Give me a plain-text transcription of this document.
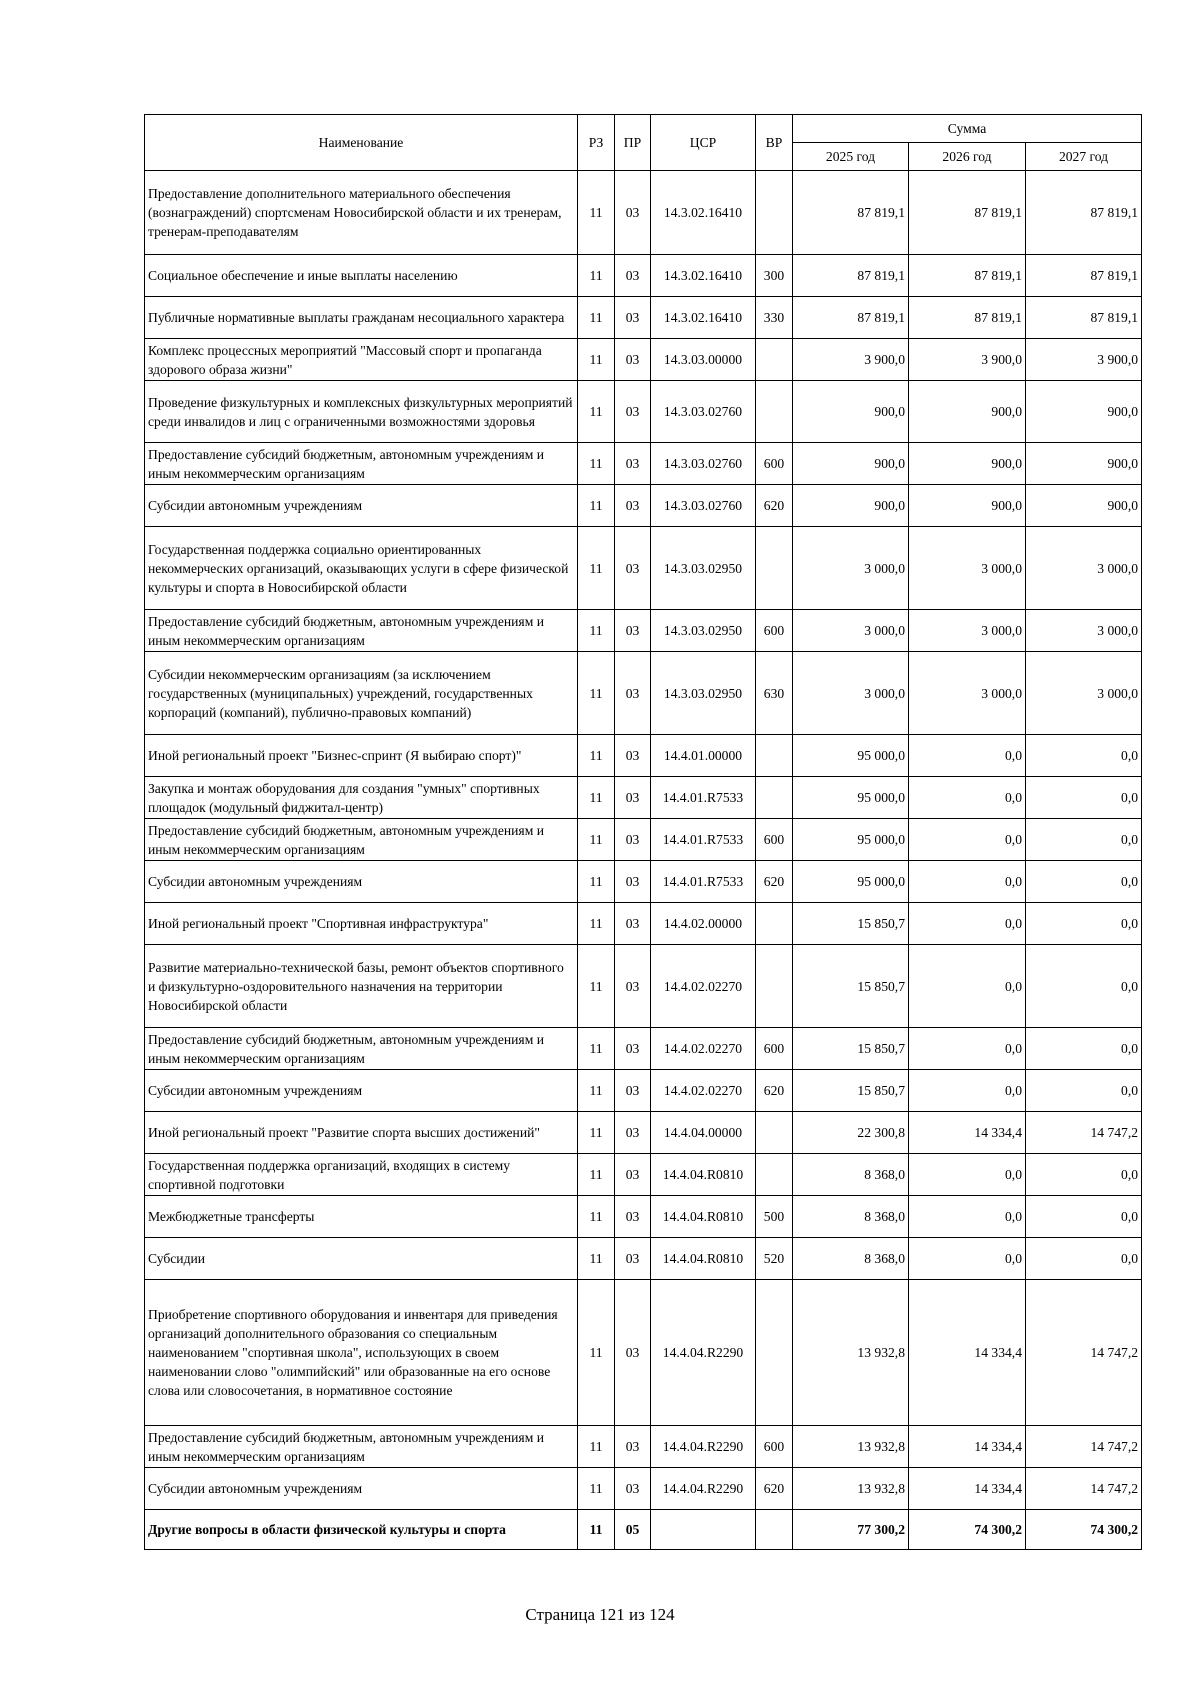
Наименование	РЗ	ПР	ЦСР	ВР	Сумма		
					2025 год	2026 год	2027 год
Предоставление дополнительного материального обеспечения (вознаграждений) спортсменам Новосибирской области и их тренерам, тренерам-преподавателям	11	03	14.3.02.16410		87 819,1	87 819,1	87 819,1
Социальное обеспечение и иные выплаты населению	11	03	14.3.02.16410	300	87 819,1	87 819,1	87 819,1
Публичные нормативные выплаты гражданам несоциального характера	11	03	14.3.02.16410	330	87 819,1	87 819,1	87 819,1
Комплекс процессных мероприятий "Массовый спорт и пропаганда здорового образа жизни"	11	03	14.3.03.00000		3 900,0	3 900,0	3 900,0
Проведение физкультурных и комплексных физкультурных мероприятий среди инвалидов и лиц с ограниченными возможностями здоровья	11	03	14.3.03.02760		900,0	900,0	900,0
Предоставление субсидий бюджетным, автономным учреждениям и иным некоммерческим организациям	11	03	14.3.03.02760	600	900,0	900,0	900,0
Субсидии автономным учреждениям	11	03	14.3.03.02760	620	900,0	900,0	900,0
Государственная поддержка социально ориентированных некоммерческих организаций, оказывающих услуги в сфере физической культуры и спорта в Новосибирской области	11	03	14.3.03.02950		3 000,0	3 000,0	3 000,0
Предоставление субсидий бюджетным, автономным учреждениям и иным некоммерческим организациям	11	03	14.3.03.02950	600	3 000,0	3 000,0	3 000,0
Субсидии некоммерческим организациям (за исключением государственных (муниципальных) учреждений, государственных корпораций (компаний), публично-правовых компаний)	11	03	14.3.03.02950	630	3 000,0	3 000,0	3 000,0
Иной региональный проект "Бизнес-спринт (Я выбираю спорт)"	11	03	14.4.01.00000		95 000,0	0,0	0,0
Закупка и монтаж оборудования для создания "умных" спортивных площадок (модульный фиджитал-центр)	11	03	14.4.01.R7533		95 000,0	0,0	0,0
Предоставление субсидий бюджетным, автономным учреждениям и иным некоммерческим организациям	11	03	14.4.01.R7533	600	95 000,0	0,0	0,0
Субсидии автономным учреждениям	11	03	14.4.01.R7533	620	95 000,0	0,0	0,0
Иной региональный проект "Спортивная инфраструктура"	11	03	14.4.02.00000		15 850,7	0,0	0,0
Развитие материально-технической базы, ремонт объектов спортивного и физкультурно-оздоровительного назначения на территории Новосибирской области	11	03	14.4.02.02270		15 850,7	0,0	0,0
Предоставление субсидий бюджетным, автономным учреждениям и иным некоммерческим организациям	11	03	14.4.02.02270	600	15 850,7	0,0	0,0
Субсидии автономным учреждениям	11	03	14.4.02.02270	620	15 850,7	0,0	0,0
Иной региональный проект "Развитие спорта высших достижений"	11	03	14.4.04.00000		22 300,8	14 334,4	14 747,2
Государственная поддержка организаций, входящих в систему спортивной подготовки	11	03	14.4.04.R0810		8 368,0	0,0	0,0
Межбюджетные трансферты	11	03	14.4.04.R0810	500	8 368,0	0,0	0,0
Субсидии	11	03	14.4.04.R0810	520	8 368,0	0,0	0,0
Приобретение спортивного оборудования и инвентаря для приведения организаций дополнительного образования со специальным наименованием "спортивная школа", использующих в своем наименовании слово "олимпийский" или образованные на его основе слова или словосочетания, в нормативное состояние	11	03	14.4.04.R2290		13 932,8	14 334,4	14 747,2
Предоставление субсидий бюджетным, автономным учреждениям и иным некоммерческим организациям	11	03	14.4.04.R2290	600	13 932,8	14 334,4	14 747,2
Субсидии автономным учреждениям	11	03	14.4.04.R2290	620	13 932,8	14 334,4	14 747,2
Другие вопросы в области физической культуры и спорта	11	05			77 300,2	74 300,2	74 300,2
Страница 121 из 124
